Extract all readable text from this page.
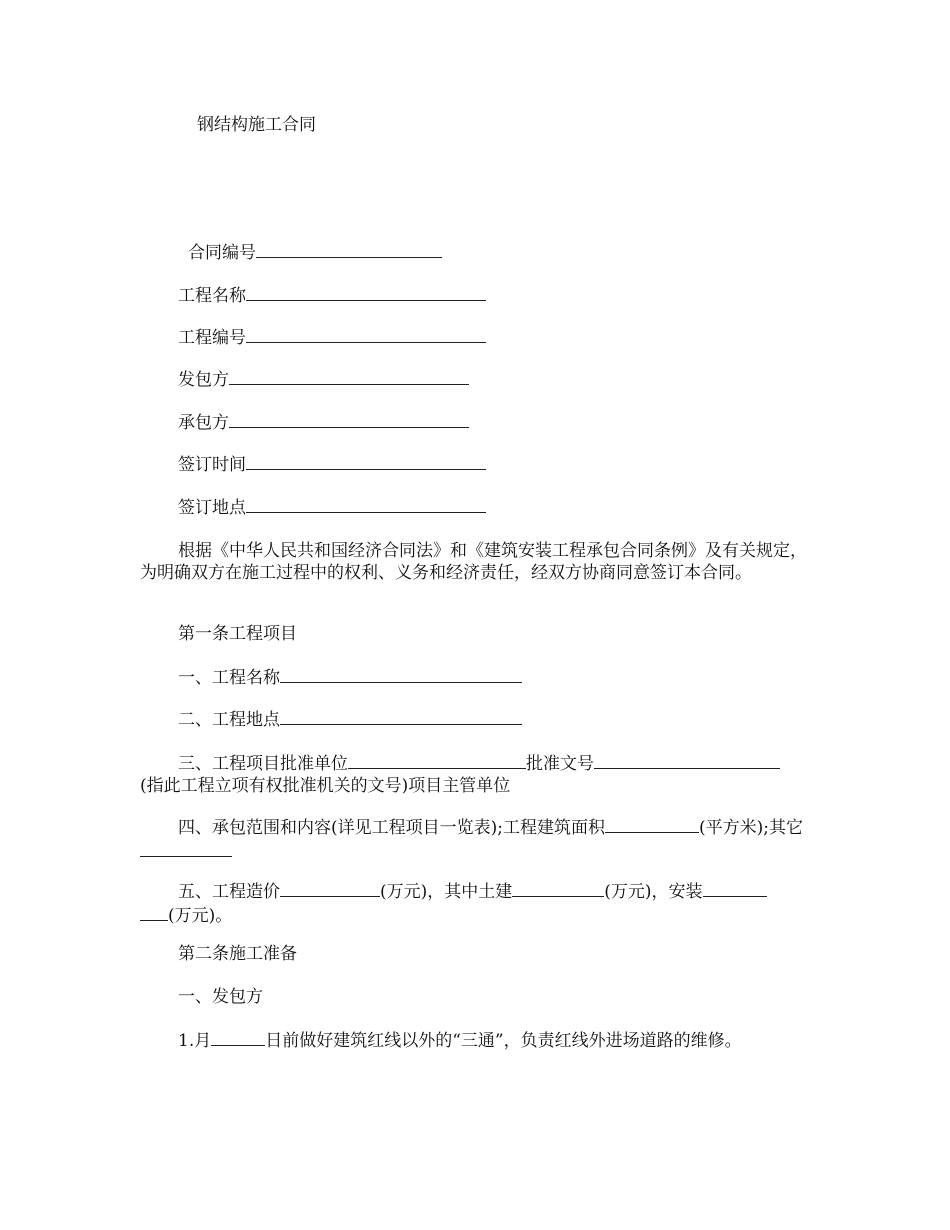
钢结构施工合同
合同编号
工程名称
工程编号
发包方
承包方
签订时间
签订地点
根据《中华人民共和国经济合同法》和《建筑安装工程承包合同条例》及有关规定，为明确双方在施工过程中的权利、义务和经济责任，经双方协商同意签订本合同。
第一条工程项目
一、工程名称
二、工程地点
三、工程项目批准单位	批准文号
(指此工程立项有权批准机关的文号)项目主管单位
四、承包范围和内容(详见工程项目一览表);工程建筑面积	(平方米);其它
五、工程造价	(万元)，其中土建	(万元)，安装
(万元)。
第二条施工准备
一、发包方
1.月	日前做好建筑红线以外的“三通”，负责红线外进场道路的维修。
